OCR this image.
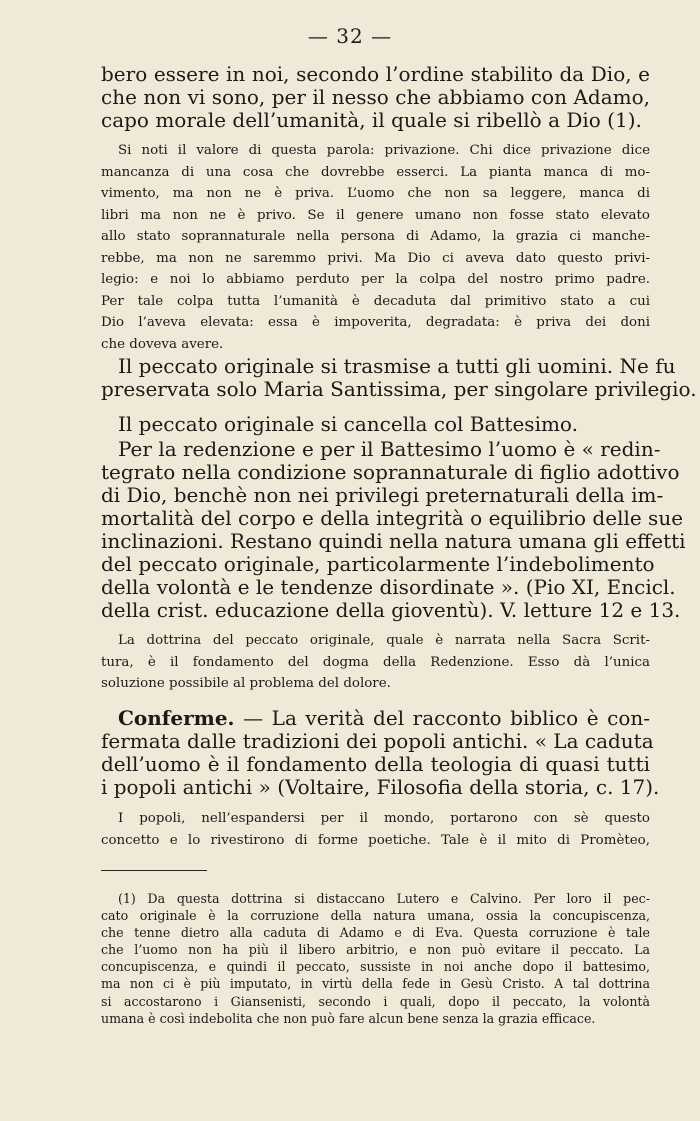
— 32 —
bero essere in noi, secondo l’ordine stabilito da Dio, e
che non vi sono, per il nesso che abbiamo con Adamo,
capo morale dell’umanità, il quale si ribellò a Dio (1).
Si noti il valore di questa parola: privazione. Chi dice privazione dice
mancanza di una cosa che dovrebbe esserci. La pianta manca di mo-
vimento, ma non ne è priva. L’uomo che non sa leggere, manca di
libri ma non ne è privo. Se il genere umano non fosse stato elevato
allo stato soprannaturale nella persona di Adamo, la grazia ci manche-
rebbe, ma non ne saremmo privi. Ma Dio ci aveva dato questo privi-
legio: e noi lo abbiamo perduto per la colpa del nostro primo padre.
Per tale colpa tutta l’umanità è decaduta dal primitivo stato a cui
Dio l’aveva elevata: essa è impoverita, degradata: è priva dei doni
che doveva avere.
Il peccato originale si trasmise a tutti gli uomini. Ne fu
preservata solo Maria Santissima, per singolare privilegio.
Il peccato originale si cancella col Battesimo.
Per la redenzione e per il Battesimo l’uomo è « redin-
tegrato nella condizione soprannaturale di figlio adottivo
di Dio, benchè non nei privilegi preternaturali della im-
mortalità del corpo e della integrità o equilibrio delle sue
inclinazioni. Restano quindi nella natura umana gli effetti
del peccato originale, particolarmente l’indebolimento
della volontà e le tendenze disordinate ». (Pio XI, Encicl.
della crist. educazione della gioventù). V. letture 12 e 13.
La dottrina del peccato originale, quale è narrata nella Sacra Scrit-
tura, è il fondamento del dogma della Redenzione. Esso dà l’unica
soluzione possibile al problema del dolore.
Conferme. — La verità del racconto biblico è con-
fermata dalle tradizioni dei popoli antichi. « La caduta
dell’uomo è il fondamento della teologia di quasi tutti
i popoli antichi » (Voltaire, Filosofia della storia, c. 17).
I popoli, nell’espandersi per il mondo, portarono con sè questo
concetto e lo rivestirono di forme poetiche. Tale è il mito di Promèteo,
(1) Da questa dottrina si distaccano Lutero e Calvino. Per loro il pec-
cato originale è la corruzione della natura umana, ossia la concupiscenza,
che tenne dietro alla caduta di Adamo e di Eva. Questa corruzione è tale
che l’uomo non ha più il libero arbitrio, e non può evitare il peccato. La
concupiscenza, e quindi il peccato, sussiste in noi anche dopo il battesimo,
ma non ci è più imputato, in virtù della fede in Gesù Cristo. A tal dottrina
si accostarono i Giansenisti, secondo i quali, dopo il peccato, la volontà
umana è così indebolita che non può fare alcun bene senza la grazia efficace.
